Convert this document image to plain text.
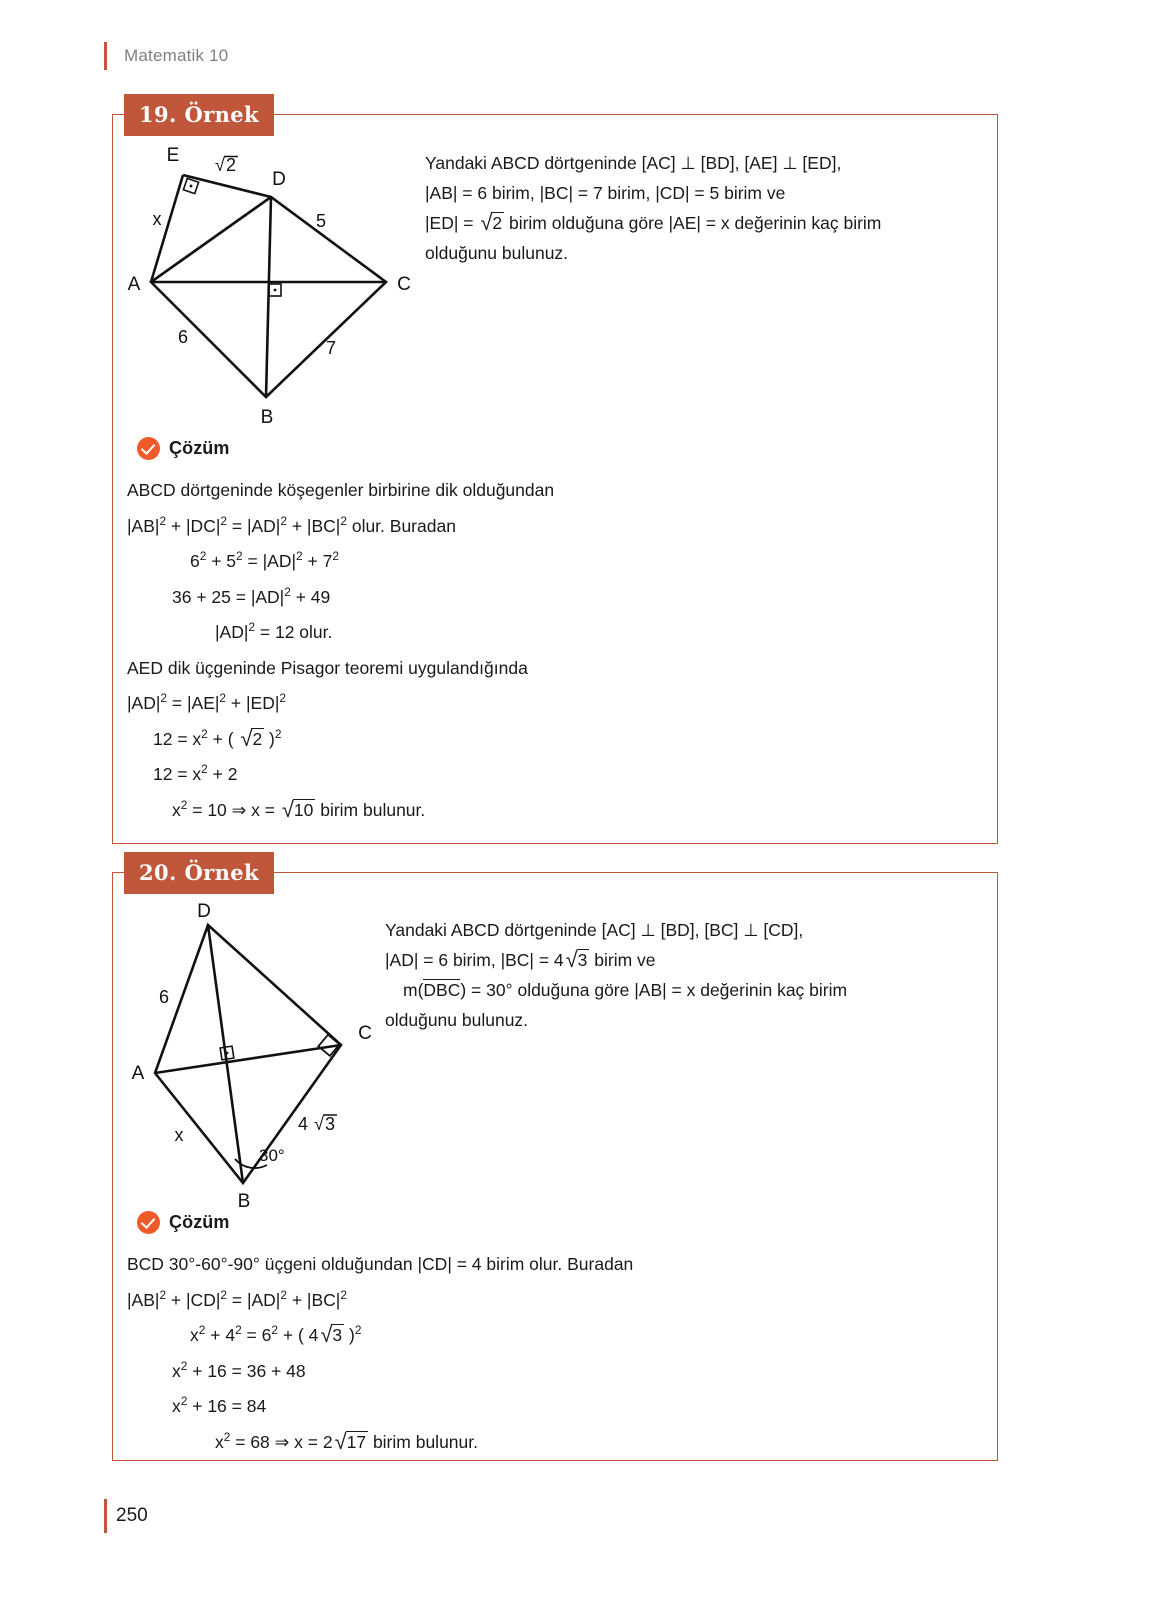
Matematik 10
19. Örnek
E
D
A	C
B
x	5
6
7
√ 2	Yandaki ABCD dörtgeninde [AC] ⊥ [BD], [AE] ⊥ [ED],
|AB| = 6 birim, |BC| = 7 birim, |CD| = 5 birim ve
|ED| = √2 birim olduğuna göre |AE| = x değerinin kaç birim
olduğunu bulunuz.
Çözüm
ABCD dörtgeninde köşegenler birbirine dik olduğundan
$|AB|^2 + |DC|^2 = |AD|^2 + |BC|^2$ olur. Buradan
$6^2 + 5^2 = |AD|^2 + 7^2$
$36 + 25 = |AD|^2 + 49$
$|AD|^2 = 12$ olur.
AED dik üçgeninde Pisagor teoremi uygulandığında
$|AD|^2 = |AE|^2 + |ED|^2$
$12 = x^2$ + ( √2 )$^2$
$12 = x^2 + 2$
$x^2 = 10$ ⇒ x = √10 birim bulunur.
20. Örnek
D
C
A
B
6
x
30°
4 √ 3
Yandaki ABCD dörtgeninde [AC] ⊥ [BD], [BC] ⊥ [CD],
|AD| = 6 birim, |BC| = 4√3 birim ve
m(DBC) = 30° olduğuna göre |AB| = x değerinin kaç birim
olduğunu bulunuz.
Çözüm
BCD 30°-60°-90° üçgeni olduğundan |CD| = 4 birim olur. Buradan
$|AB|^2 + |CD|^2 = |AD|^2 + |BC|^2$
$x^2 + 4^2 = 6^2$ + ( 4√3 )$^2$
$x^2 + 16 = 36 + 48$
$x^2 + 16 = 84$
$x^2 = 68$ ⇒ x = 2√17 birim bulunur.
250
